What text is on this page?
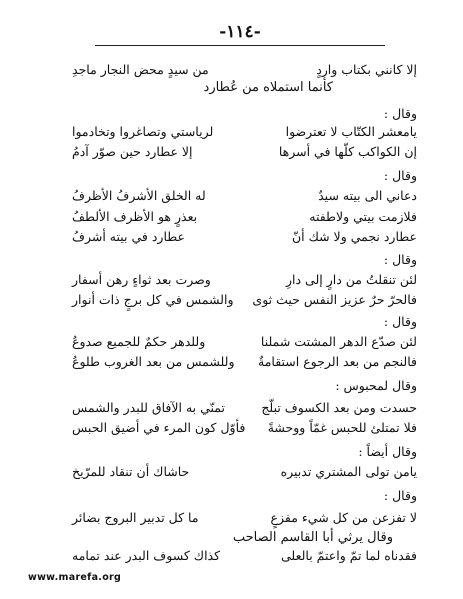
-١١٤-
إلا كانني بكتاب واردٍ
من سيدٍ محض النجار ماجدِ
كأنما استملاه من عُطارد
وقال :
يامعشر الكتّاب لا تعترضوا
لرياستي وتصاغروا وتخادموا
إن الكواكب كلّها في أسرها
إلا عطارد حين صوّر آدمُ
وقال :
دعاني الى بيته سيدٌ
له الخلق الأشرفُ الأظرفُ
فلازمت بيتي ولاطفته
بعذرٍ هو الأظرف الألطفُ
عطارد نجمي ولا شك أنّ
عطارد في بيته أشرفُ
وقال :
لئن تنقلتُ من دارٍ إلى دارِ
وصرت بعد ثواءٍ رهن أسفار
فالحرّ حرٌ عزيز النفس حيث ثوى
والشمس في كل برجٍ ذات أنوار
وقال :
لئن صدّع الدهر المشتت شملنا
وللدهر حكمٌ للجميع صدوعُ
فالنجم من بعد الرجوع استقامةٌ
وللشمس من بعد الغروب طلوعُ
وقال لمحبوس :
حسدت ومن بعد الكسوف تبلّج
تمنّي به الآفاق للبدر والشمس
فلا تمتلئ للحبس غمّاً ووحشةً
فأوّل كون المرء في أضيق الحبس
وقال أيضاً :
يامن تولى المشتري تدبيره
حاشاك أن تنقاد للمرّيخ
وقال :
لا تفزعن من كل شيء مفزعٍ
ما كل تدبير البروج بضائر
وقال يرثي أبا القاسم الصاحب
فقدناه لما تمّ واعتمّ بالعلى
كذاك كسوف البدر عند تمامه
www.marefa.org
